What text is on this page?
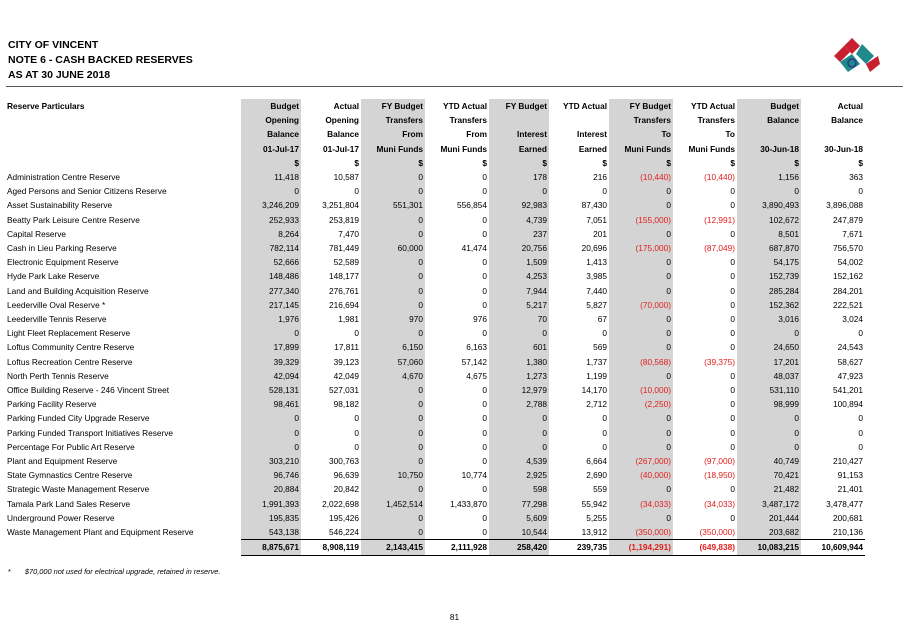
CITY OF VINCENT
NOTE 6 - CASH BACKED RESERVES
AS AT 30 JUNE 2018
Reserve Particulars	Budget	Actual	FY Budget	YTD Actual	FY Budget	YTD Actual	FY Budget	YTD Actual	Budget	Actual
	Opening	Opening	Transfers	Transfers			Transfers	Transfers	Balance	Balance
	Balance	Balance	From	From	Interest	Interest	To	To		
	01-Jul-17	01-Jul-17	Muni Funds	Muni Funds	Earned	Earned	Muni Funds	Muni Funds	30-Jun-18	30-Jun-18
	$	$	$	$	$	$	$	$	$	$
Administration Centre Reserve	11,418	10,587	0	0	178	216	(10,440)	(10,440)	1,156	363
Aged Persons and Senior Citizens Reserve	0	0	0	0	0	0	0	0	0	0
Asset Sustainability Reserve	3,246,209	3,251,804	551,301	556,854	92,983	87,430	0	0	3,890,493	3,896,088
Beatty Park Leisure Centre Reserve	252,933	253,819	0	0	4,739	7,051	(155,000)	(12,991)	102,672	247,879
Capital Reserve	8,264	7,470	0	0	237	201	0	0	8,501	7,671
Cash in Lieu Parking Reserve	782,114	781,449	60,000	41,474	20,756	20,696	(175,000)	(87,049)	687,870	756,570
Electronic Equipment Reserve	52,666	52,589	0	0	1,509	1,413	0	0	54,175	54,002
Hyde Park Lake Reserve	148,486	148,177	0	0	4,253	3,985	0	0	152,739	152,162
Land and Building Acquisition Reserve	277,340	276,761	0	0	7,944	7,440	0	0	285,284	284,201
Leederville Oval Reserve *	217,145	216,694	0	0	5,217	5,827	(70,000)	0	152,362	222,521
Leederville Tennis Reserve	1,976	1,981	970	976	70	67	0	0	3,016	3,024
Light Fleet Replacement Reserve	0	0	0	0	0	0	0	0	0	0
Loftus Community Centre Reserve	17,899	17,811	6,150	6,163	601	569	0	0	24,650	24,543
Loftus Recreation Centre Reserve	39,329	39,123	57,060	57,142	1,380	1,737	(80,568)	(39,375)	17,201	58,627
North Perth Tennis Reserve	42,094	42,049	4,670	4,675	1,273	1,199	0	0	48,037	47,923
Office Building Reserve - 246 Vincent Street	528,131	527,031	0	0	12,979	14,170	(10,000)	0	531,110	541,201
Parking Facility Reserve	98,461	98,182	0	0	2,788	2,712	(2,250)	0	98,999	100,894
Parking Funded City Upgrade Reserve	0	0	0	0	0	0	0	0	0	0
Parking Funded Transport Initiatives Reserve	0	0	0	0	0	0	0	0	0	0
Percentage For Public Art Reserve	0	0	0	0	0	0	0	0	0	0
Plant and Equipment Reserve	303,210	300,763	0	0	4,539	6,664	(267,000)	(97,000)	40,749	210,427
State Gymnastics Centre Reserve	96,746	96,639	10,750	10,774	2,925	2,690	(40,000)	(18,950)	70,421	91,153
Strategic Waste Management Reserve	20,884	20,842	0	0	598	559	0	0	21,482	21,401
Tamala Park Land Sales Reserve	1,991,393	2,022,698	1,452,514	1,433,870	77,298	55,942	(34,033)	(34,033)	3,487,172	3,478,477
Underground Power Reserve	195,835	195,426	0	0	5,609	5,255	0	0	201,444	200,681
Waste Management Plant and Equipment Reserve	543,138	546,224	0	0	10,544	13,912	(350,000)	(350,000)	203,682	210,136
	8,875,671	8,908,119	2,143,415	2,111,928	258,420	239,735	(1,194,291)	(649,838)	10,083,215	10,609,944
* $70,000 not used for electrical upgrade, retained in reserve.
81
